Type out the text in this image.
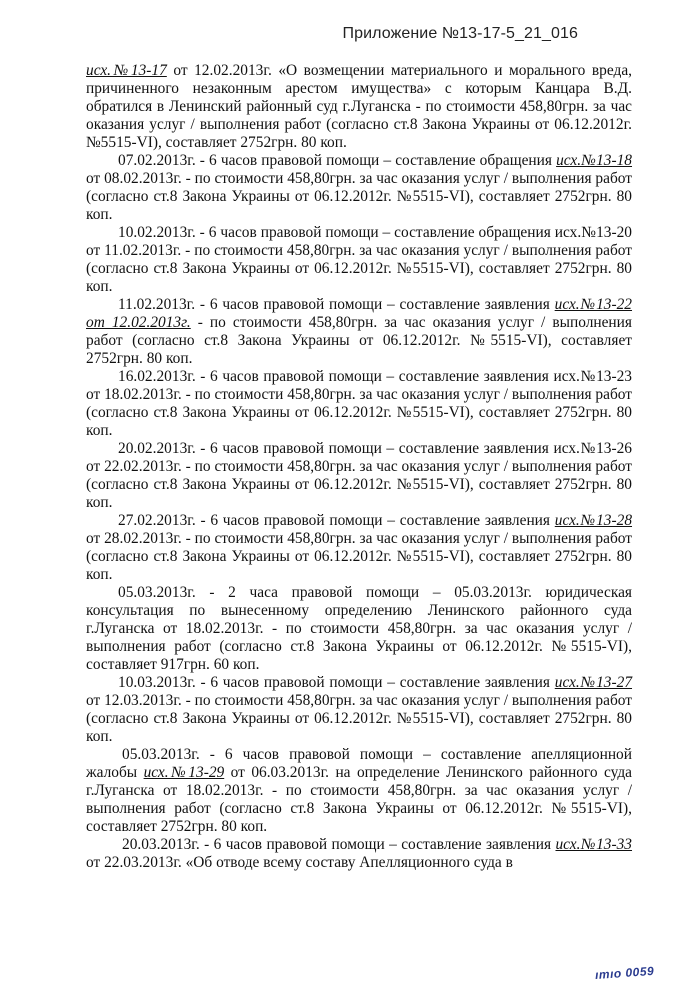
Приложение №13-17-5_21_016

исх.№13-17 от 12.02.2013г. «О возмещении материального и морального вреда, причиненного незаконным арестом имущества» с которым Канцара В.Д. обратился в Ленинский районный суд г.Луганска - по стоимости 458,80грн. за час оказания услуг / выполнения работ (согласно ст.8 Закона Украины от 06.12.2012г. №5515-VI), составляет 2752грн. 80 коп.

07.02.2013г. - 6 часов правовой помощи – составление обращения исх.№13-18 от 08.02.2013г. - по стоимости 458,80грн. за час оказания услуг / выполнения работ (согласно ст.8 Закона Украины от 06.12.2012г. №5515-VI), составляет 2752грн. 80 коп.

10.02.2013г. - 6 часов правовой помощи – составление обращения исх.№13-20 от 11.02.2013г. - по стоимости 458,80грн. за час оказания услуг / выполнения работ (согласно ст.8 Закона Украины от 06.12.2012г. №5515-VI), составляет 2752грн. 80 коп.

11.02.2013г. - 6 часов правовой помощи – составление заявления исх.№13-22 от 12.02.2013г. - по стоимости 458,80грн. за час оказания услуг / выполнения работ (согласно ст.8 Закона Украины от 06.12.2012г. №5515-VI), составляет 2752грн. 80 коп.

16.02.2013г. - 6 часов правовой помощи – составление заявления исх.№13-23 от 18.02.2013г. - по стоимости 458,80грн. за час оказания услуг / выполнения работ (согласно ст.8 Закона Украины от 06.12.2012г. №5515-VI), составляет 2752грн. 80 коп.

20.02.2013г. - 6 часов правовой помощи – составление заявления исх.№13-26 от 22.02.2013г. - по стоимости 458,80грн. за час оказания услуг / выполнения работ (согласно ст.8 Закона Украины от 06.12.2012г. №5515-VI), составляет 2752грн. 80 коп.

27.02.2013г. - 6 часов правовой помощи – составление заявления исх.№13-28 от 28.02.2013г. - по стоимости 458,80грн. за час оказания услуг / выполнения работ (согласно ст.8 Закона Украины от 06.12.2012г. №5515-VI), составляет 2752грн. 80 коп.

05.03.2013г. - 2 часа правовой помощи – 05.03.2013г. юридическая консультация по вынесенному определению Ленинского районного суда г.Луганска от 18.02.2013г. - по стоимости 458,80грн. за час оказания услуг / выполнения работ (согласно ст.8 Закона Украины от 06.12.2012г. №5515-VI), составляет 917грн. 60 коп.

10.03.2013г. - 6 часов правовой помощи – составление заявления исх.№13-27 от 12.03.2013г. - по стоимости 458,80грн. за час оказания услуг / выполнения работ (согласно ст.8 Закона Украины от 06.12.2012г. №5515-VI), составляет 2752грн. 80 коп.

05.03.2013г. - 6 часов правовой помощи – составление апелляционной жалобы исх.№13-29 от 06.03.2013г. на определение Ленинского районного суда г.Луганска от 18.02.2013г. - по стоимости 458,80грн. за час оказания услуг / выполнения работ (согласно ст.8 Закона Украины от 06.12.2012г. №5515-VI), составляет 2752грн. 80 коп.

20.03.2013г. - 6 часов правовой помощи – составление заявления исх.№13-33 от 22.03.2013г. «Об отводе всему составу Апелляционного суда в

ımıo 0059
